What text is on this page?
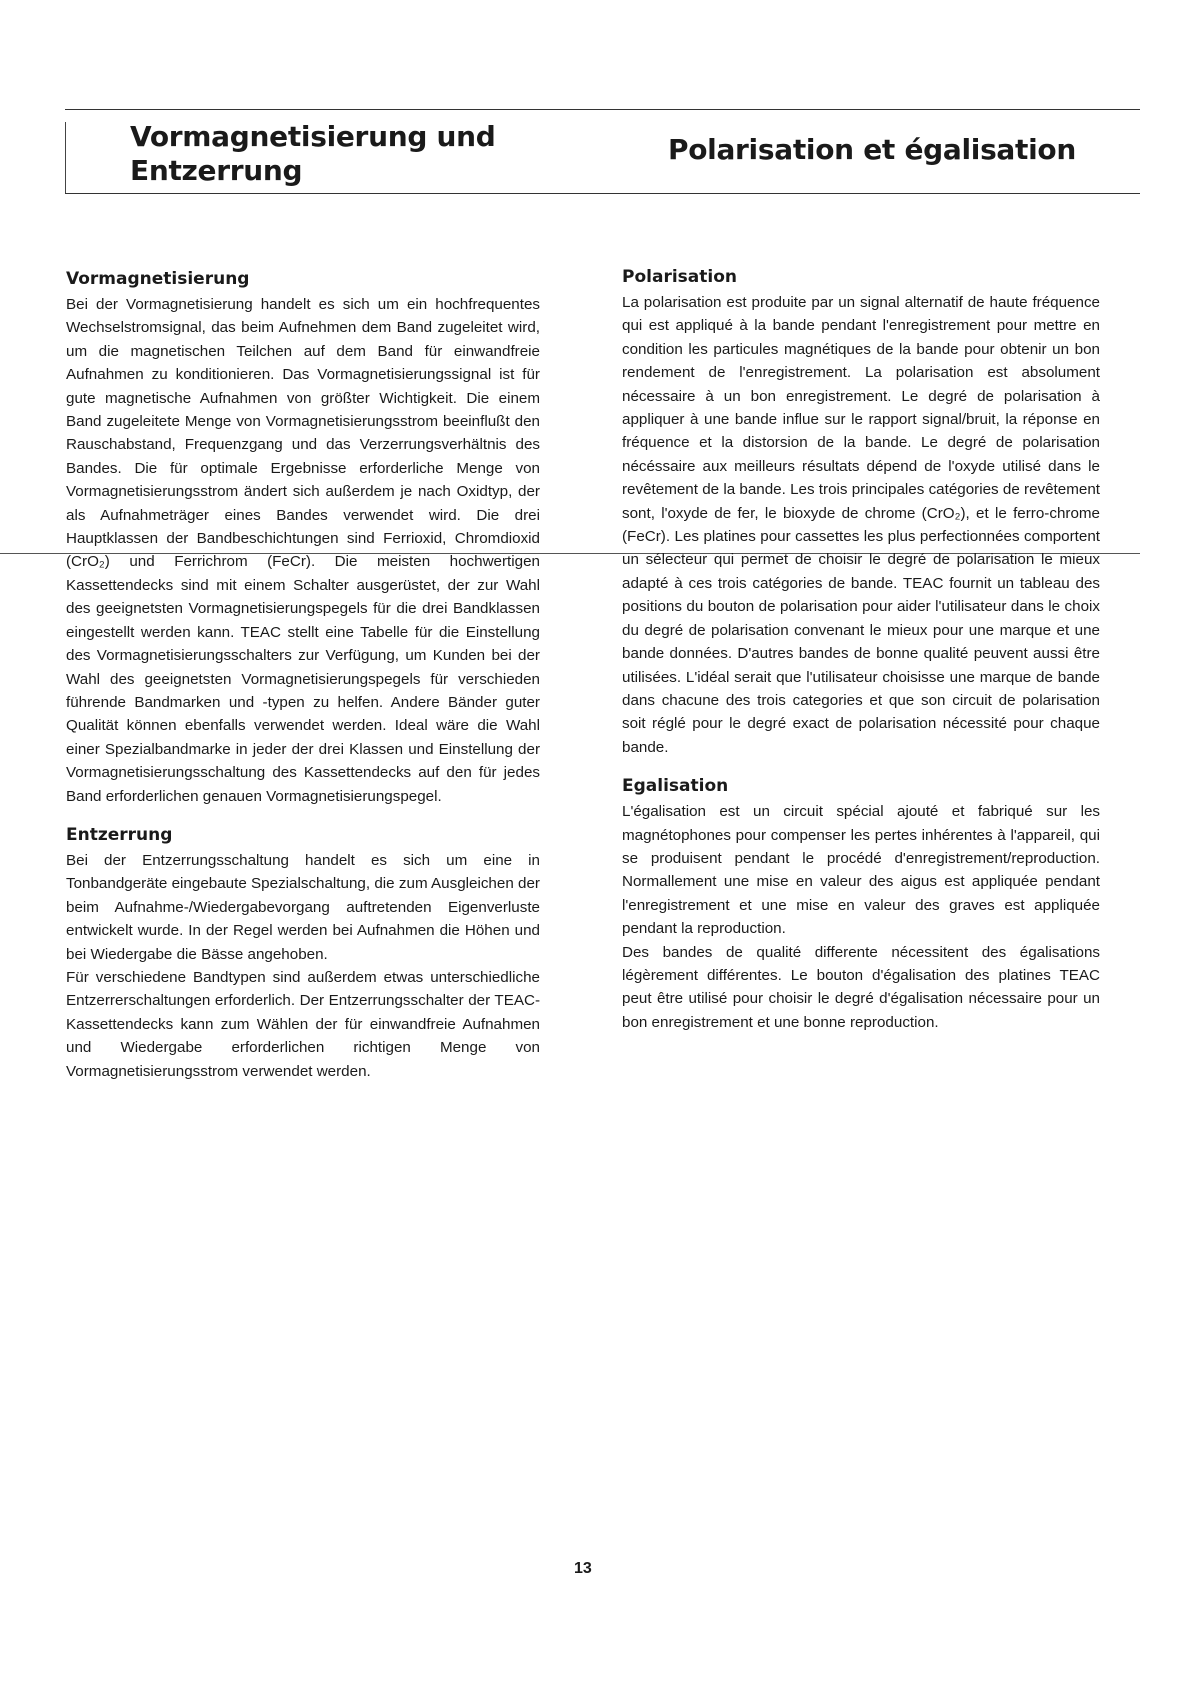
Vormagnetisierung und
Entzerrung
Polarisation et égalisation
Vormagnetisierung

Bei der Vormagnetisierung handelt es sich um ein hochfrequentes Wechselstromsignal, das beim Aufnehmen dem Band zugeleitet wird, um die magnetischen Teilchen auf dem Band für einwandfreie Aufnahmen zu konditionieren. Das Vormagnetisierungssignal ist für gute magnetische Aufnahmen von größter Wichtigkeit. Die einem Band zugeleitete Menge von Vormagnetisierungsstrom beeinflußt den Rauschabstand, Frequenzgang und das Verzerrungsverhältnis des Bandes. Die für optimale Ergebnisse erforderliche Menge von Vormagnetisierungsstrom ändert sich außerdem je nach Oxidtyp, der als Aufnahmeträger eines Bandes verwendet wird. Die drei Hauptklassen der Bandbeschichtungen sind Ferrioxid, Chromdioxid (CrO₂) und Ferrichrom (FeCr). Die meisten hochwertigen Kassettendecks sind mit einem Schalter ausgerüstet, der zur Wahl des geeignetsten Vormagnetisierungspegels für die drei Bandklassen eingestellt werden kann. TEAC stellt eine Tabelle für die Einstellung des Vormagnetisierungsschalters zur Verfügung, um Kunden bei der Wahl des geeignetsten Vormagnetisierungspegels für verschieden führende Bandmarken und -typen zu helfen. Andere Bänder guter Qualität können ebenfalls verwendet werden. Ideal wäre die Wahl einer Spezialbandmarke in jeder der drei Klassen und Einstellung der Vormagnetisierungsschaltung des Kassettendecks auf den für jedes Band erforderlichen genauen Vormagnetisierungspegel.

Entzerrung

Bei der Entzerrungsschaltung handelt es sich um eine in Tonbandgeräte eingebaute Spezialschaltung, die zum Ausgleichen der beim Aufnahme-/Wiedergabevorgang auftretenden Eigenverluste entwickelt wurde. In der Regel werden bei Aufnahmen die Höhen und bei Wiedergabe die Bässe angehoben.

Für verschiedene Bandtypen sind außerdem etwas unterschiedliche Entzerrerschaltungen erforderlich. Der Entzerrungsschalter der TEAC-Kassettendecks kann zum Wählen der für einwandfreie Aufnahmen und Wiedergabe erforderlichen richtigen Menge von Vormagnetisierungsstrom verwendet werden.

Polarisation

La polarisation est produite par un signal alternatif de haute fréquence qui est appliqué à la bande pendant l'enregistrement pour mettre en condition les particules magnétiques de la bande pour obtenir un bon rendement de l'enregistrement. La polarisation est absolument nécessaire à un bon enregistrement. Le degré de polarisation à appliquer à une bande influe sur le rapport signal/bruit, la réponse en fréquence et la distorsion de la bande. Le degré de polarisation nécéssaire aux meilleurs résultats dépend de l'oxyde utilisé dans le revêtement de la bande. Les trois principales catégories de revêtement sont, l'oxyde de fer, le bioxyde de chrome (CrO₂), et le ferro-chrome (FeCr). Les platines pour cassettes les plus perfectionnées comportent un sélecteur qui permet de choisir le degré de polarisation le mieux adapté à ces trois catégories de bande. TEAC fournit un tableau des positions du bouton de polarisation pour aider l'utilisateur dans le choix du degré de polarisation convenant le mieux pour une marque et une bande données. D'autres bandes de bonne qualité peuvent aussi être utilisées. L'idéal serait que l'utilisateur choisisse une marque de bande dans chacune des trois categories et que son circuit de polarisation soit réglé pour le degré exact de polarisation nécessité pour chaque bande.

Egalisation

L'égalisation est un circuit spécial ajouté et fabriqué sur les magnétophones pour compenser les pertes inhérentes à l'appareil, qui se produisent pendant le procédé d'enregistrement/reproduction. Normallement une mise en valeur des aigus est appliquée pendant l'enregistrement et une mise en valeur des graves est appliquée pendant la reproduction.

Des bandes de qualité differente nécessitent des égalisations légèrement différentes. Le bouton d'égalisation des platines TEAC peut être utilisé pour choisir le degré d'égalisation nécessaire pour un bon enregistrement et une bonne reproduction.

13
